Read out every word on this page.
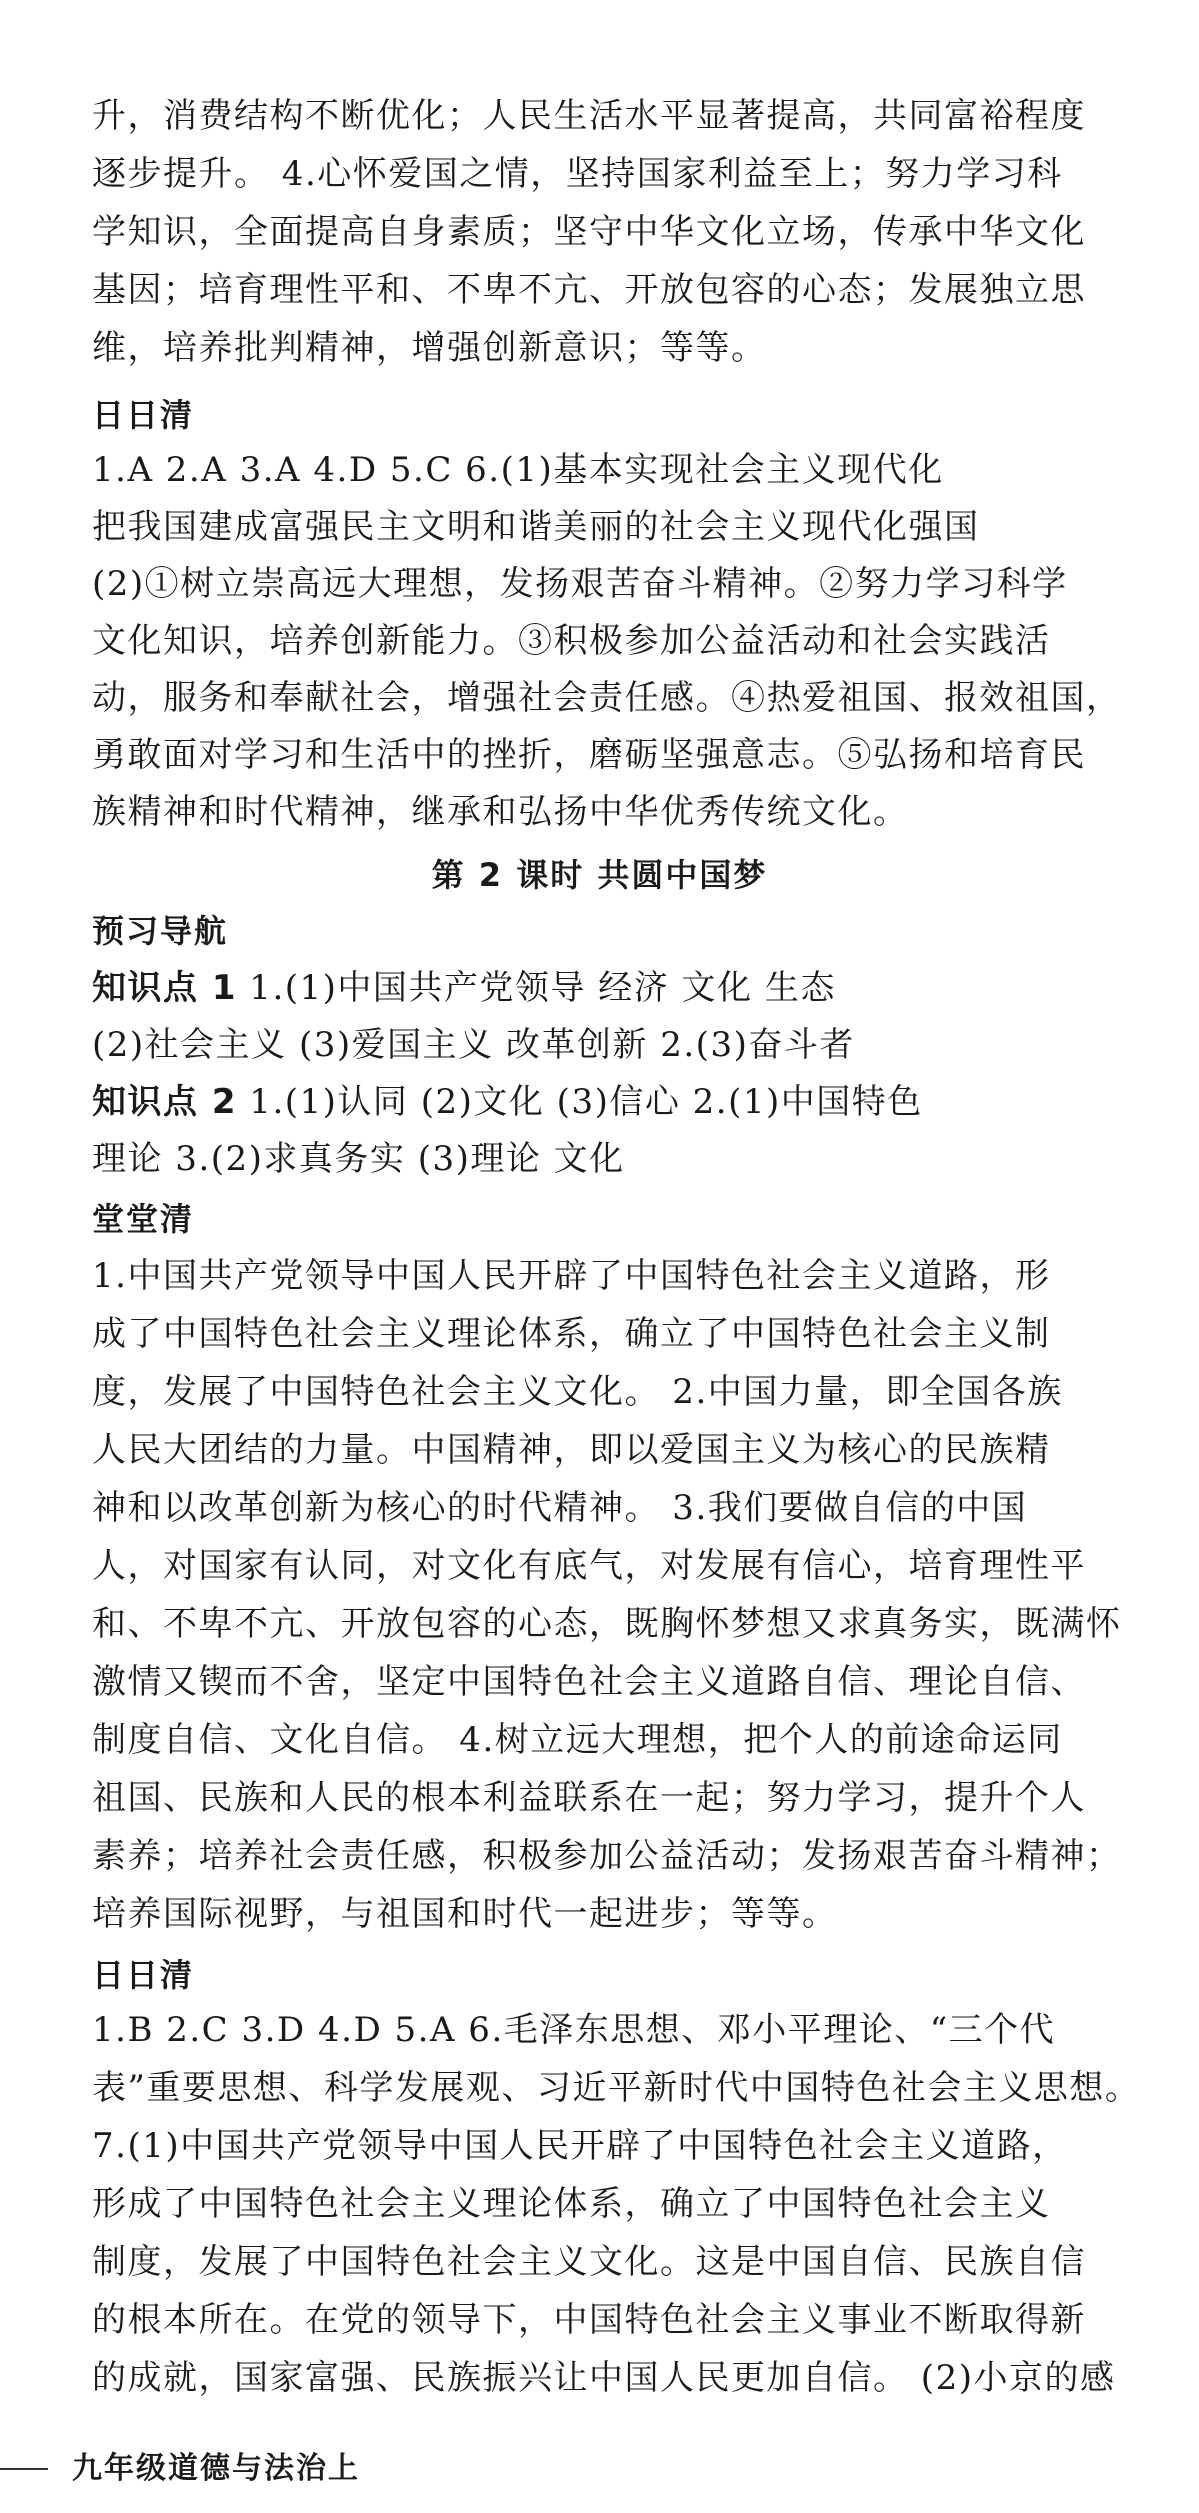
升，消费结构不断优化；人民生活水平显著提高，共同富裕程度
逐步提升。 4.心怀爱国之情，坚持国家利益至上；努力学习科
学知识，全面提高自身素质；坚守中华文化立场，传承中华文化
基因；培育理性平和、不卑不亢、开放包容的心态；发展独立思
维，培养批判精神，增强创新意识；等等。
日日清
1.A 2.A 3.A 4.D 5.C 6.(1)基本实现社会主义现代化
把我国建成富强民主文明和谐美丽的社会主义现代化强国
(2)①树立崇高远大理想，发扬艰苦奋斗精神。②努力学习科学
文化知识，培养创新能力。③积极参加公益活动和社会实践活
动，服务和奉献社会，增强社会责任感。④热爱祖国、报效祖国，
勇敢面对学习和生活中的挫折，磨砺坚强意志。⑤弘扬和培育民
族精神和时代精神，继承和弘扬中华优秀传统文化。
第 2 课时 共圆中国梦
预习导航
知识点 1 1.(1)中国共产党领导 经济 文化 生态
(2)社会主义 (3)爱国主义 改革创新 2.(3)奋斗者
知识点 2 1.(1)认同 (2)文化 (3)信心 2.(1)中国特色
理论 3.(2)求真务实 (3)理论 文化
堂堂清
1.中国共产党领导中国人民开辟了中国特色社会主义道路，形
成了中国特色社会主义理论体系，确立了中国特色社会主义制
度，发展了中国特色社会主义文化。 2.中国力量，即全国各族
人民大团结的力量。中国精神，即以爱国主义为核心的民族精
神和以改革创新为核心的时代精神。 3.我们要做自信的中国
人，对国家有认同，对文化有底气，对发展有信心，培育理性平
和、不卑不亢、开放包容的心态，既胸怀梦想又求真务实，既满怀
激情又锲而不舍，坚定中国特色社会主义道路自信、理论自信、
制度自信、文化自信。 4.树立远大理想，把个人的前途命运同
祖国、民族和人民的根本利益联系在一起；努力学习，提升个人
素养；培养社会责任感，积极参加公益活动；发扬艰苦奋斗精神；
培养国际视野，与祖国和时代一起进步；等等。
日日清
1.B 2.C 3.D 4.D 5.A 6.毛泽东思想、邓小平理论、“三个代
表”重要思想、科学发展观、习近平新时代中国特色社会主义思想。
7.(1)中国共产党领导中国人民开辟了中国特色社会主义道路，
形成了中国特色社会主义理论体系，确立了中国特色社会主义
制度，发展了中国特色社会主义文化。这是中国自信、民族自信
的根本所在。在党的领导下，中国特色社会主义事业不断取得新
的成就，国家富强、民族振兴让中国人民更加自信。 (2)小京的感
九年级道德与法治上
